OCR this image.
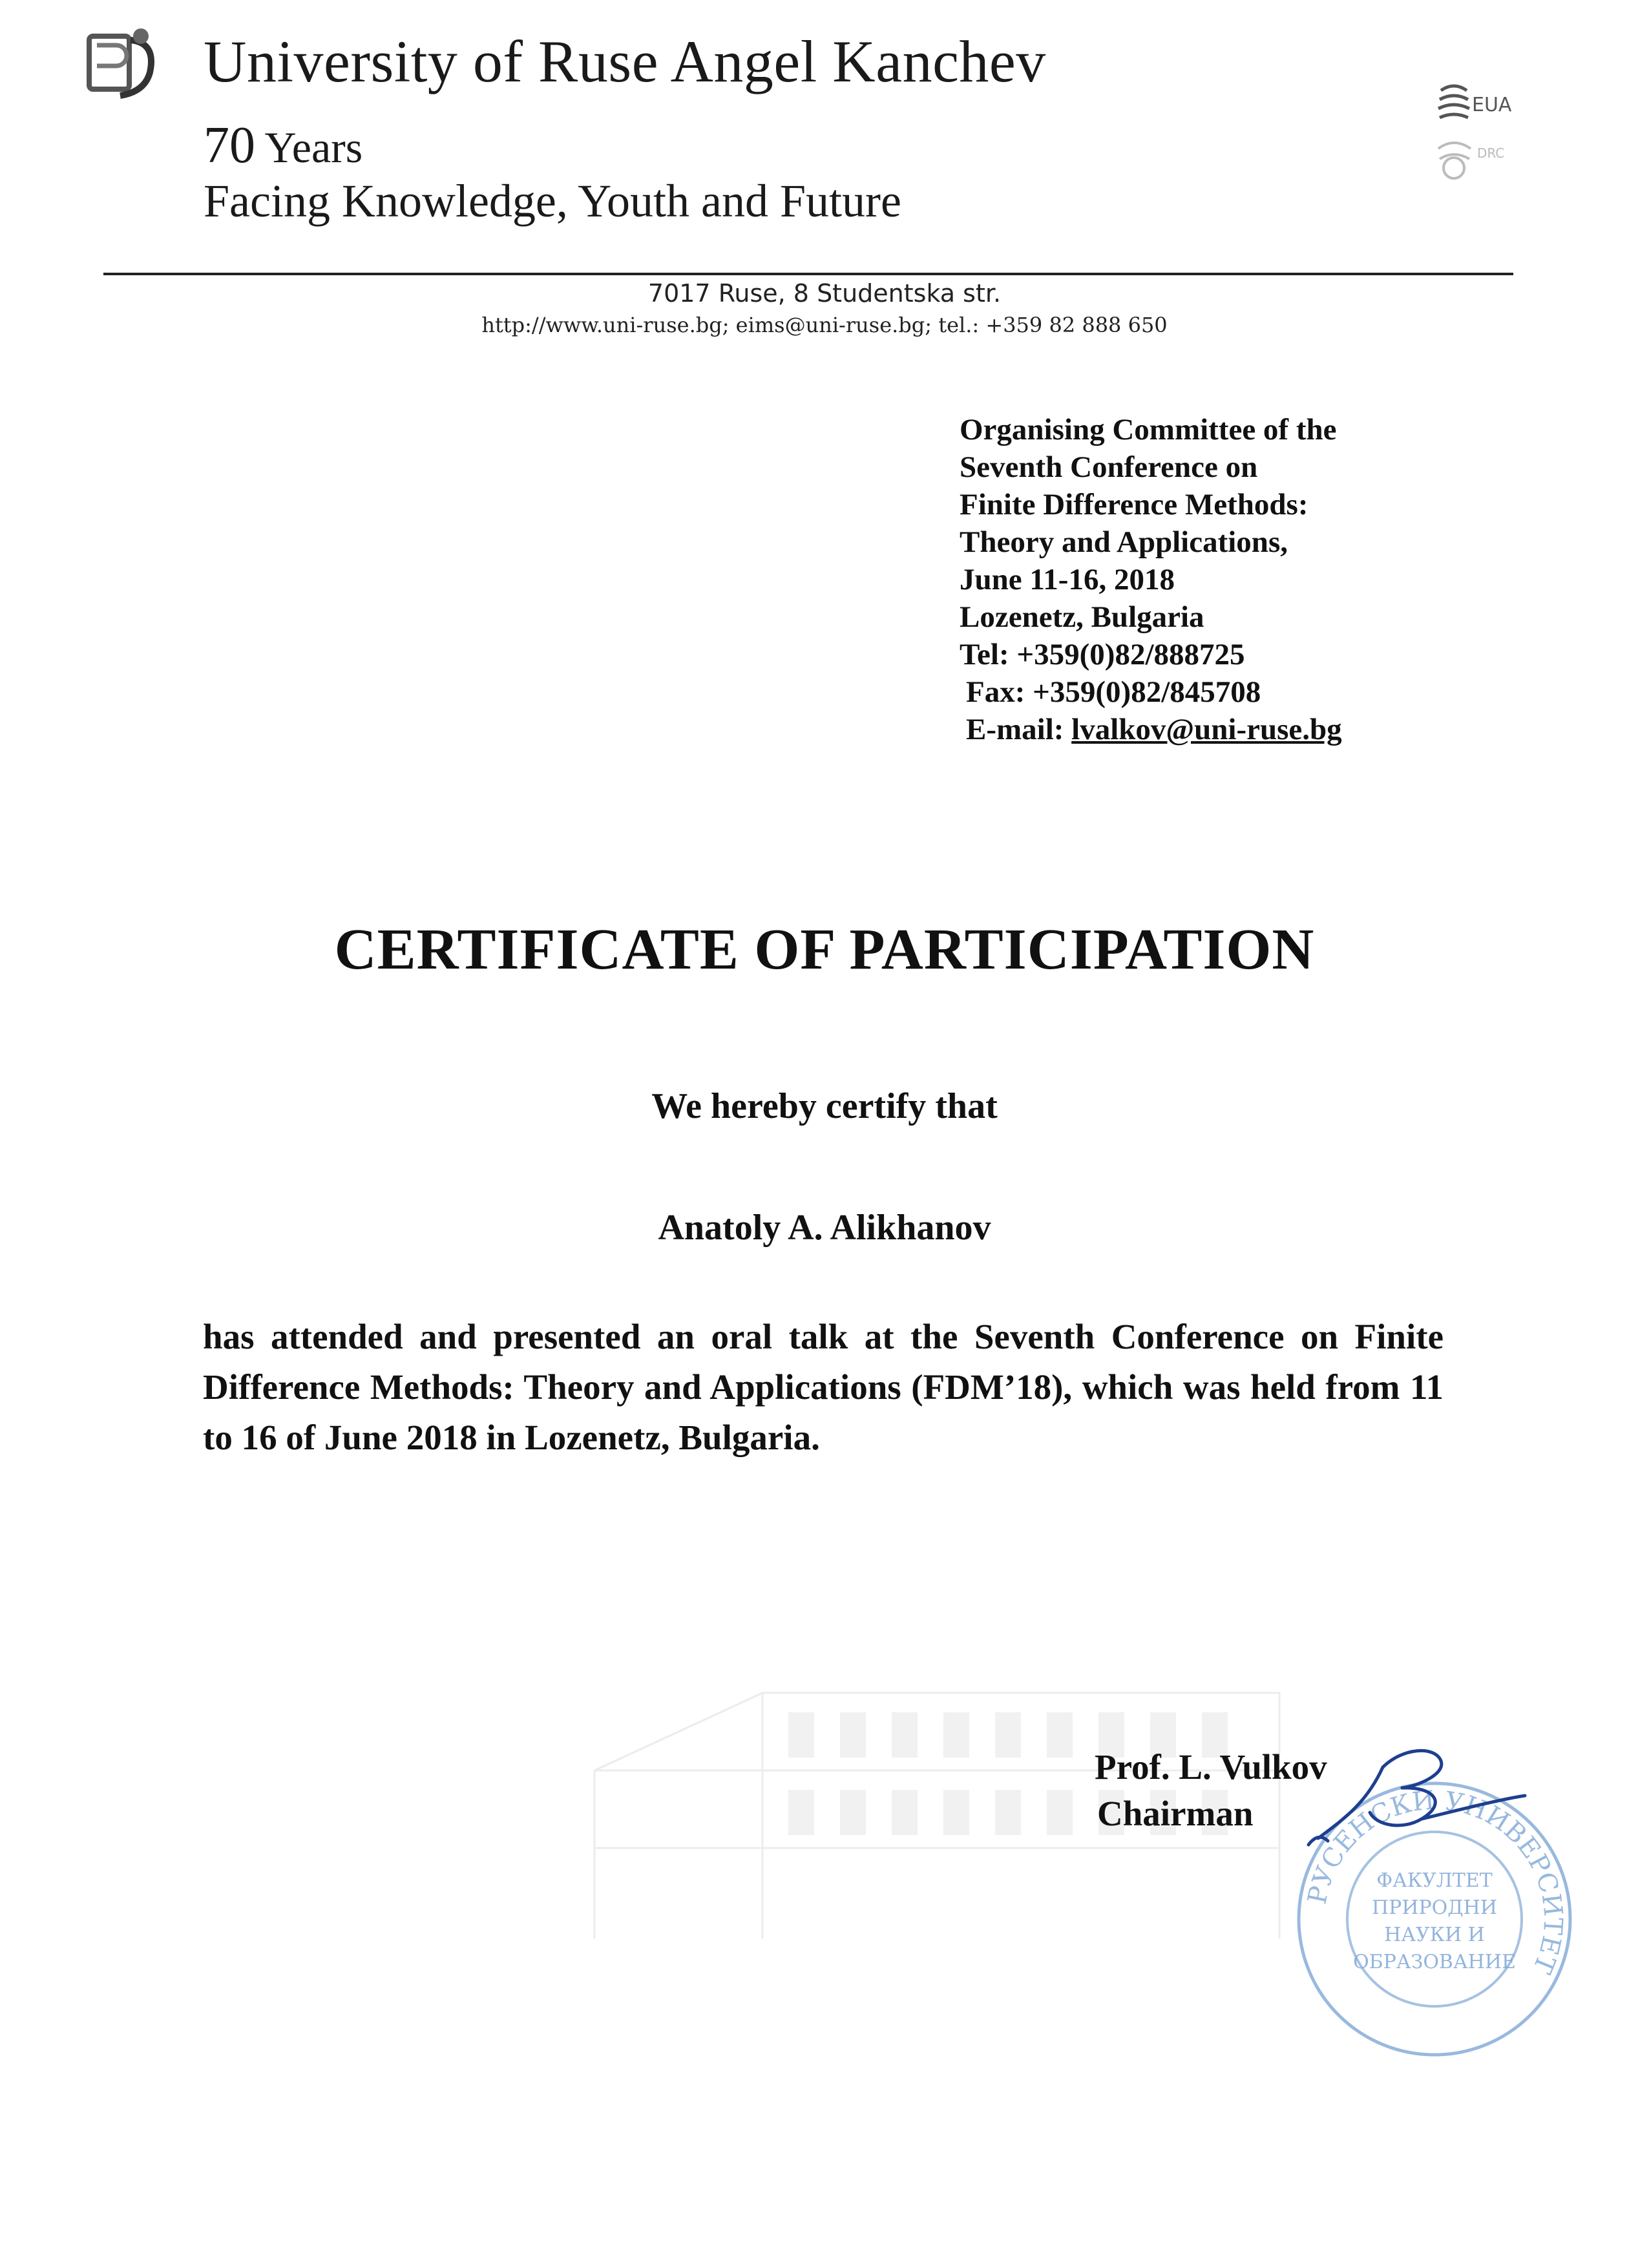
University of Ruse Angel Kanchev
70 Years
Facing Knowledge, Youth and Future
EUA
DRC
7017 Ruse, 8 Studentska str.
http://www.uni-ruse.bg; eims@uni-ruse.bg; tel.: +359 82 888 650
Organising Committee of the
Seventh Conference on
Finite Difference Methods:
Theory and Applications,
June 11-16, 2018
Lozenetz, Bulgaria
Tel: +359(0)82/888725
Fax: +359(0)82/845708
E-mail: lvalkov@uni-ruse.bg
CERTIFICATE OF PARTICIPATION
We hereby certify that
Anatoly A. Alikhanov
has attended and presented an oral talk at the Seventh Conference on Finite Difference Methods: Theory and Applications (FDM’18), which was held from 11 to 16 of June 2018 in Lozenetz, Bulgaria.
Prof. L. Vulkov
Chairman
РУСЕНСКИ УНИВЕРСИТЕТ
ФАКУЛТЕТ
ПРИРОДНИ
НАУКИ И
ОБРАЗОВАНИЕ
